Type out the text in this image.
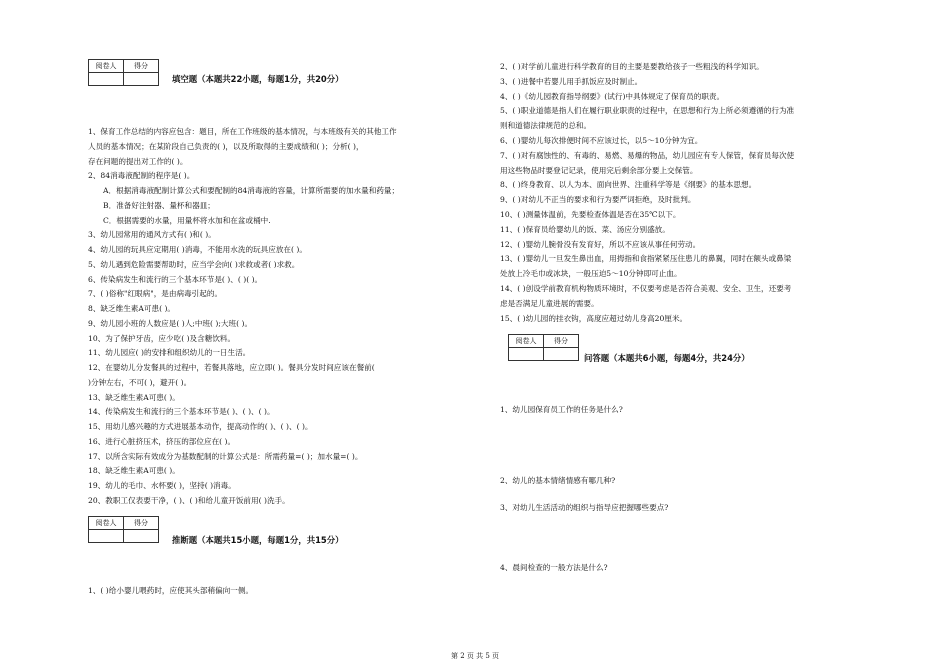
阅卷人	得分
填空题（本题共22小题，每题1分，共20分）
1、保育工作总结的内容应包含：题目，所在工作班级的基本情况，与本班级有关的其他工作
人员的基本情况；在某阶段自己负责的( )，以及所取得的主要成绩和( )；分析( )，
存在问题的提出对工作的( )。
2、84消毒液配制的程序是( )。
A．根据消毒液配制计算公式和要配制的84消毒液的容量，计算所需要的加水量和药量；
B．准备好注射器、量杯和器皿；
C．根据需要的水量，用量杯将水加和在盆或桶中.
3、幼儿园常用的通风方式有( )和( )。
4、幼儿园的玩具应定期用( )消毒，不能用水洗的玩具应放在( )。
5、幼儿遇到危险需要帮助时，应当学会向( )求救或者( )求救。
6、传染病发生和流行的三个基本环节是( )、( )( )。
7、( )俗称"红眼病"，是由病毒引起的。
8、缺乏维生素A可患( )。
9、幼儿园小班的人数应是( )人;中班( );大班( )。
10、为了保护牙齿，应少吃( )及含糖饮料。
11、幼儿园应( )的安排和组织幼儿的一日生活。
12、在婴幼儿分发餐具的过程中，若餐具落地，应立即( )。餐具分发时间应该在餐前(
)分钟左右，不可( )，避开( )。
13、缺乏维生素A可患( )。
14、传染病发生和流行的三个基本环节是( )、( )、( )。
15、用幼儿感兴趣的方式进展基本动作，提高动作的( )、( )、( )。
16、进行心脏挤压术，挤压的部位应在( )。
17、以所含实际有效成分为基数配制的计算公式是：所需药量=( )；加水量=( )。
18、缺乏维生素A可患( )。
19、幼儿的毛巾、水杯要( )，坚持( )消毒。
20、教职工仅表要干净，( )、( )和给儿童开饭前用( )洗手。
阅卷人	得分
推断题（本题共15小题，每题1分，共15分）
1、( )给小婴儿喂药时，应使其头部稍偏向一侧。
2、( )对学前儿童进行科学教育的目的主要是要教给孩子一些粗浅的科学知识。
3、( )进餐中若婴儿用手抓饭应及时制止。
4、( )《幼儿园教育指导纲要》(试行)中具体规定了保育员的职责。
5、( )职业道德是指人们在履行职业职责的过程中，在思想和行为上所必须遵循的行为准
则和道德法律规范的总和。
6、( )婴幼儿每次排便时间不应该过长，以5～10分钟为宜。
7、( )对有腐蚀性的、有毒的、易燃、易爆的物品，幼儿园应有专人保管，保育员每次使
用这些物品时要登记记录，使用完后剩余部分要上交保管。
8、( )终身教育、以人为本、面向世界、注重科学等是《纲要》的基本思想。
9、( )对幼儿不正当的要求和行为要严词拒绝，及时批判。
10、( )测量体温前，先要检查体温是否在35℃以下。
11、( )保育员给婴幼儿的饭、菜、汤应分别盛放。
12、( )婴幼儿腕骨没有发育好，所以不应该从事任何劳动。
13、( )婴幼儿一旦发生鼻出血，用拇指和食指紧紧压住患儿的鼻翼，同时在额头或鼻梁
处放上冷毛巾或冰块，一般压迫5～10分钟即可止血。
14、( )创设学前教育机构物质环境时，不仅要考虑是否符合美观、安全、卫生，还要考
虑是否满足儿童进展的需要。
15、( )幼儿园的挂衣钩，高度应超过幼儿身高20厘米。
阅卷人	得分
问答题（本题共6小题，每题4分，共24分）
1、幼儿园保育员工作的任务是什么?
2、幼儿的基本情绪情感有哪几种?
3、对幼儿生活活动的组织与指导应把握哪些要点?
4、晨间检查的一般方法是什么?
第 2 页 共 5 页
